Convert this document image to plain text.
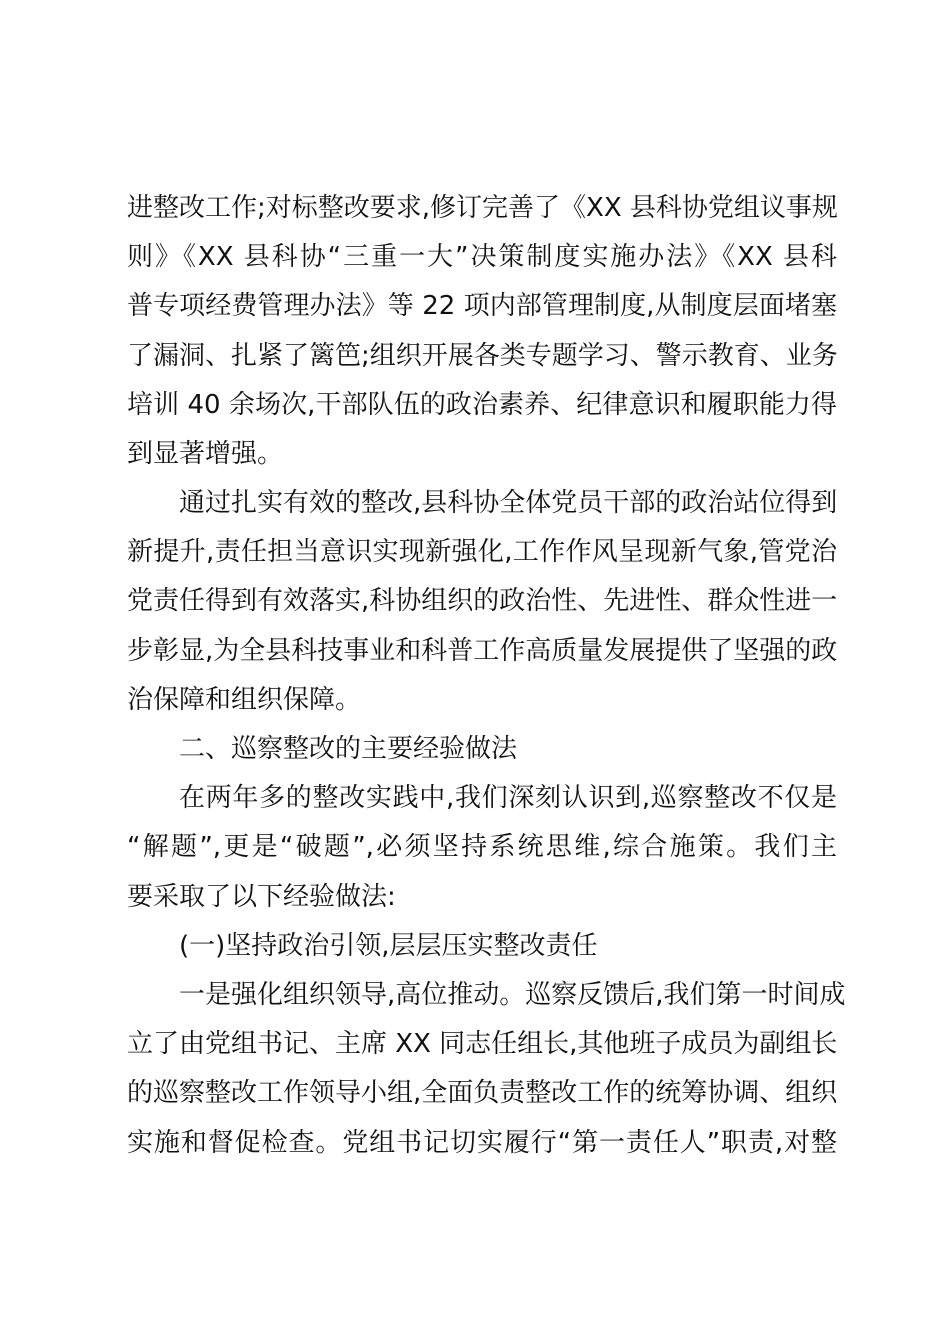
进整改工作;对标整改要求,修订完善了《XX 县科协党组议事规
则》《XX 县科协“三重一大”决策制度实施办法》《XX 县科
普专项经费管理办法》等 22 项内部管理制度,从制度层面堵塞
了漏洞、扎紧了篱笆;组织开展各类专题学习、警示教育、业务
培训 40 余场次,干部队伍的政治素养、纪律意识和履职能力得
到显著增强。
通过扎实有效的整改,县科协全体党员干部的政治站位得到
新提升,责任担当意识实现新强化,工作作风呈现新气象,管党治
党责任得到有效落实,科协组织的政治性、先进性、群众性进一
步彰显,为全县科技事业和科普工作高质量发展提供了坚强的政
治保障和组织保障。
二、巡察整改的主要经验做法
在两年多的整改实践中,我们深刻认识到,巡察整改不仅是
“解题”,更是“破题”,必须坚持系统思维,综合施策。我们主
要采取了以下经验做法:
(一)坚持政治引领,层层压实整改责任
一是强化组织领导,高位推动。巡察反馈后,我们第一时间成
立了由党组书记、主席 XX 同志任组长,其他班子成员为副组长
的巡察整改工作领导小组,全面负责整改工作的统筹协调、组织
实施和督促检查。党组书记切实履行“第一责任人”职责,对整
